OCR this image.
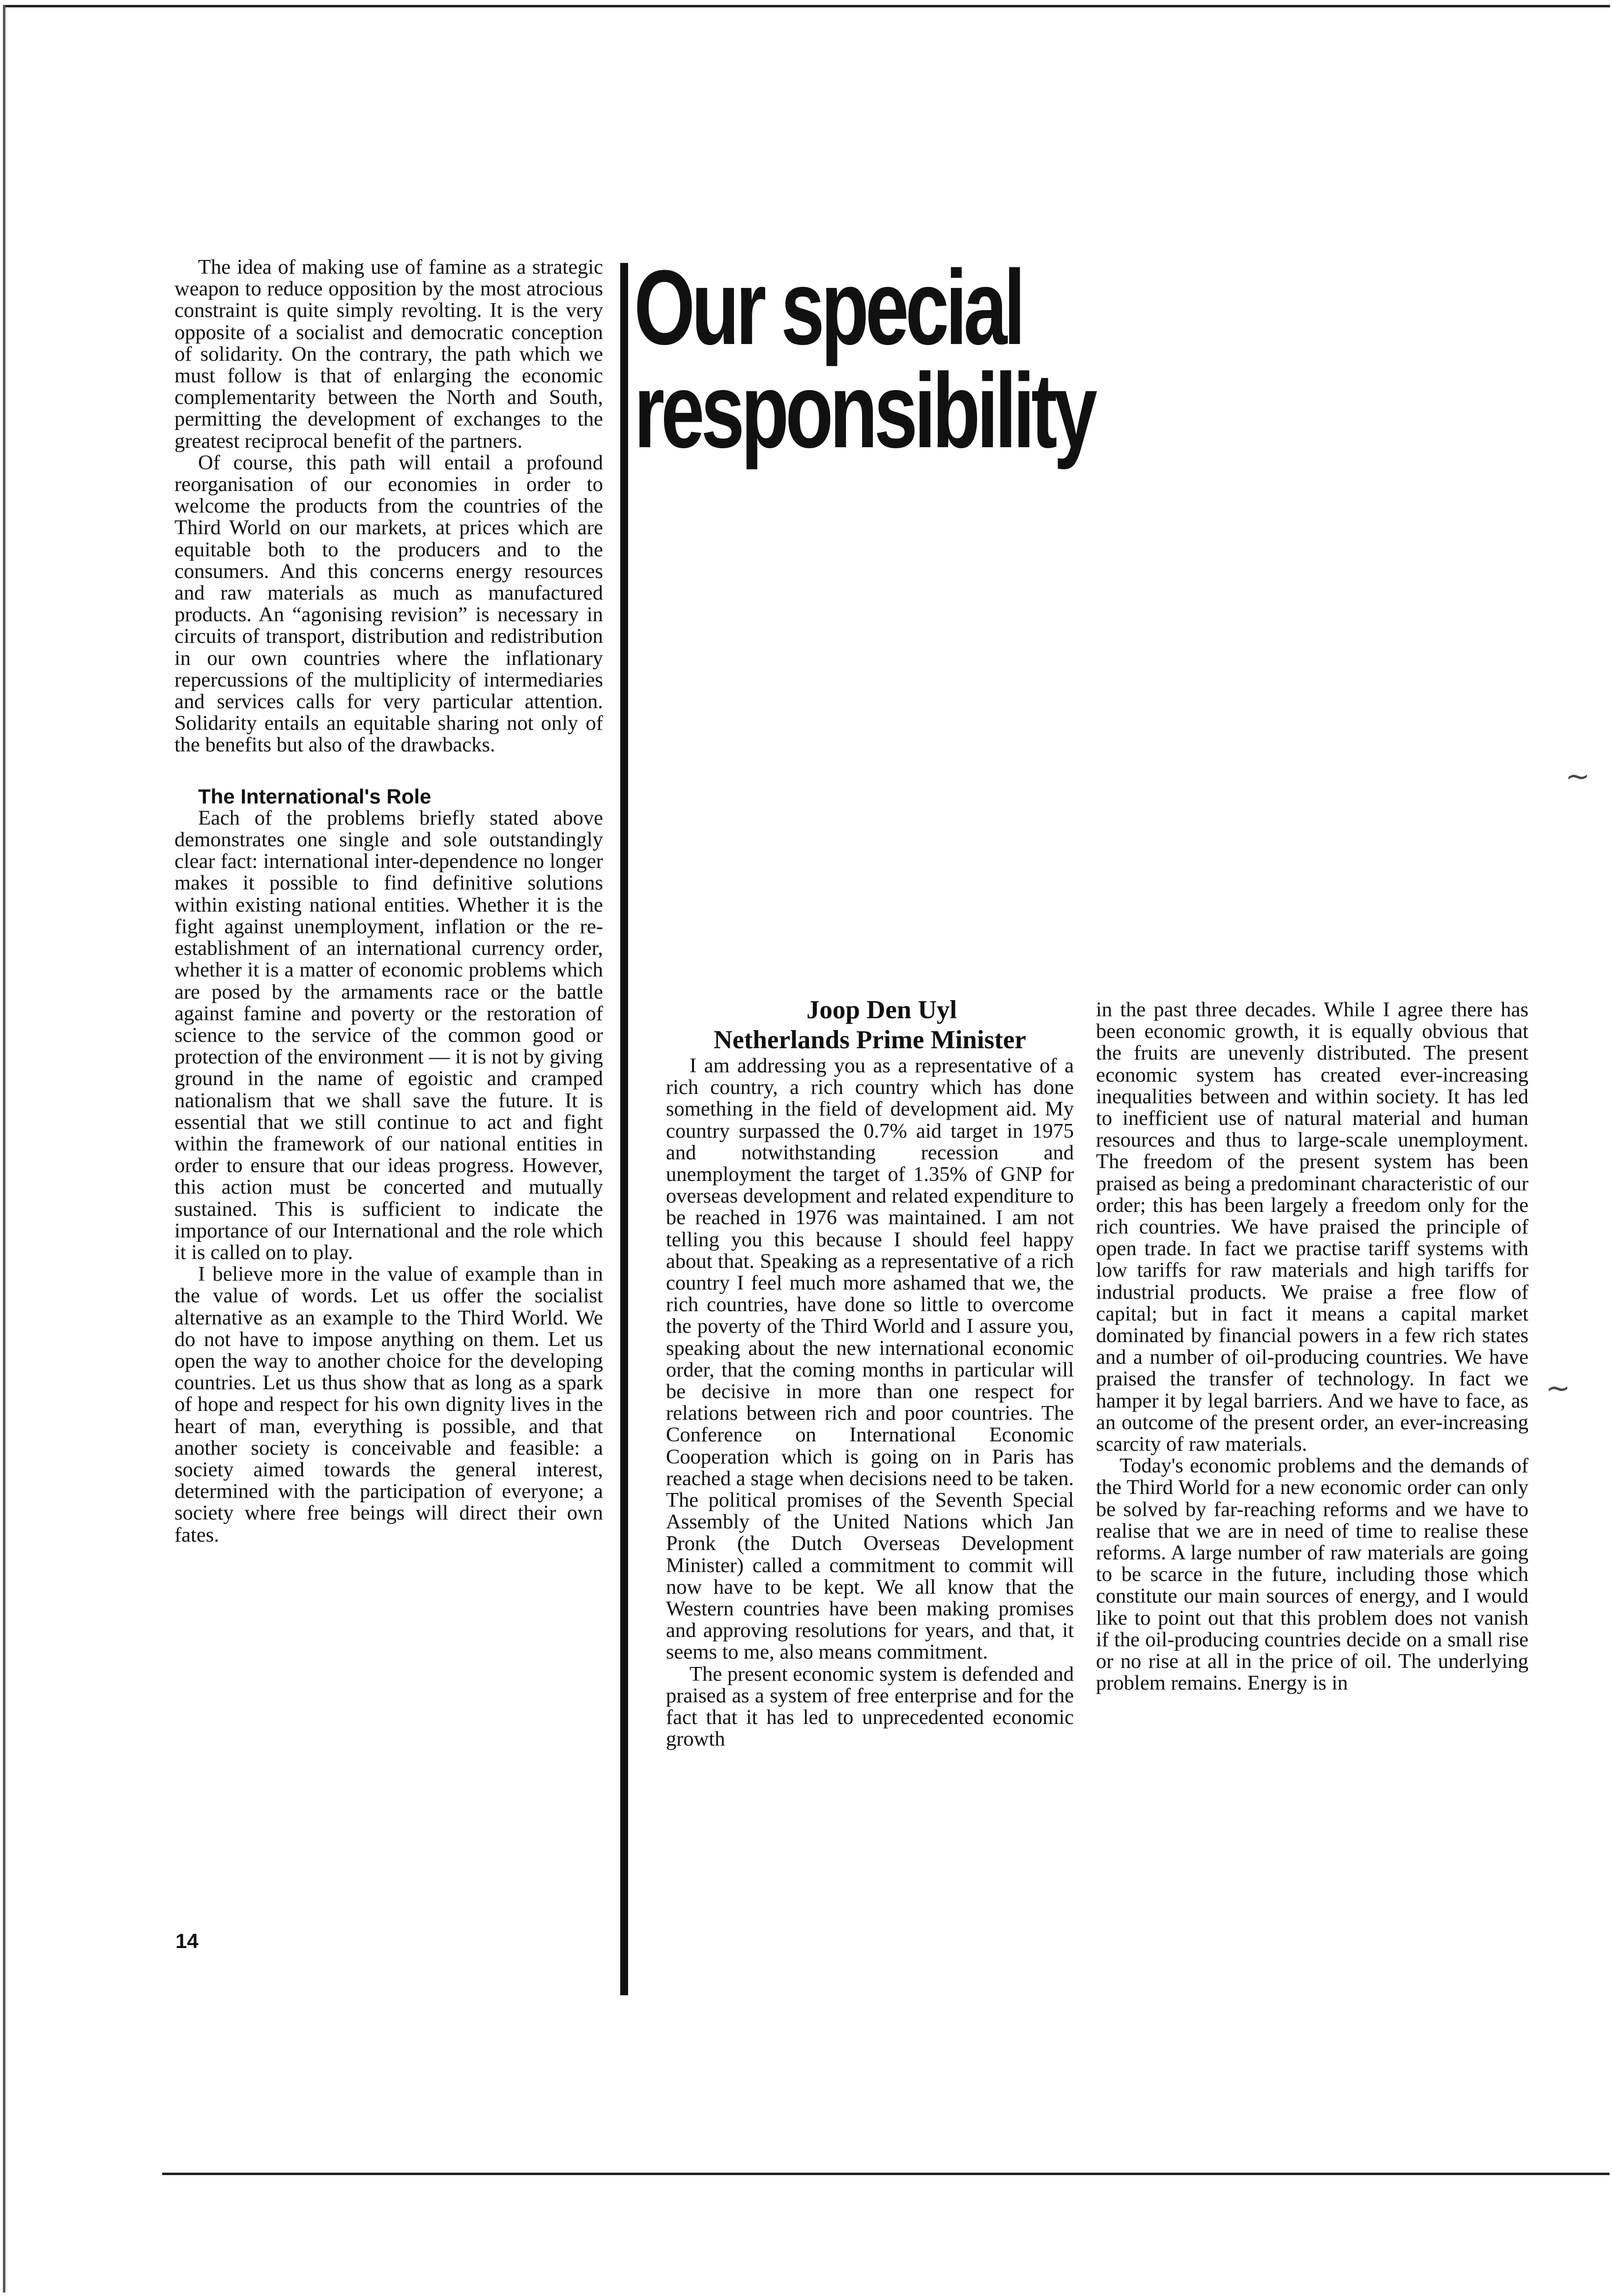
The idea of making use of famine as a strategic weapon to reduce opposition by the most atrocious constraint is quite simply revolting. It is the very opposite of a socialist and democratic conception of solidarity. On the contrary, the path which we must follow is that of enlarging the economic complementarity between the North and South, permitting the development of exchanges to the greatest reciprocal benefit of the partners.

Of course, this path will entail a profound reorganisation of our economies in order to welcome the products from the countries of the Third World on our markets, at prices which are equitable both to the producers and to the consumers. And this concerns energy resources and raw materials as much as manufactured products. An “agonising revision” is necessary in circuits of transport, distribution and redistribution in our own countries where the inflationary repercussions of the multiplicity of intermediaries and services calls for very particular attention. Solidarity entails an equitable sharing not only of the benefits but also of the drawbacks.

The International's Role

Each of the problems briefly stated above demonstrates one single and sole outstandingly clear fact: international inter-dependence no longer makes it possible to find definitive solutions within existing national entities. Whether it is the fight against unemployment, inflation or the re-establishment of an international currency order, whether it is a matter of economic problems which are posed by the armaments race or the battle against famine and poverty or the restoration of science to the service of the common good or protection of the environment — it is not by giving ground in the name of egoistic and cramped nationalism that we shall save the future. It is essential that we still continue to act and fight within the framework of our national entities in order to ensure that our ideas progress. However, this action must be concerted and mutually sustained. This is sufficient to indicate the importance of our International and the role which it is called on to play.

I believe more in the value of example than in the value of words. Let us offer the socialist alternative as an example to the Third World. We do not have to impose anything on them. Let us open the way to another choice for the developing countries. Let us thus show that as long as a spark of hope and respect for his own dignity lives in the heart of man, everything is possible, and that another society is conceivable and feasible: a society aimed towards the general interest, determined with the participation of everyone; a society where free beings will direct their own fates.

Our special
responsibility

Joop Den Uyl
Netherlands Prime Minister

I am addressing you as a representative of a rich country, a rich country which has done something in the field of development aid. My country surpassed the 0.7% aid target in 1975 and notwithstanding recession and unemployment the target of 1.35% of GNP for overseas development and related expenditure to be reached in 1976 was maintained. I am not telling you this because I should feel happy about that. Speaking as a representative of a rich country I feel much more ashamed that we, the rich countries, have done so little to overcome the poverty of the Third World and I assure you, speaking about the new international economic order, that the coming months in particular will be decisive in more than one respect for relations between rich and poor countries. The Conference on International Economic Cooperation which is going on in Paris has reached a stage when decisions need to be taken. The political promises of the Seventh Special Assembly of the United Nations which Jan Pronk (the Dutch Overseas Development Minister) called a commitment to commit will now have to be kept. We all know that the Western countries have been making promises and approving resolutions for years, and that, it seems to me, also means commitment.

The present economic system is defended and praised as a system of free enterprise and for the fact that it has led to unprecedented economic growth

in the past three decades. While I agree there has been economic growth, it is equally obvious that the fruits are unevenly distributed. The present economic system has created ever-increasing inequalities between and within society. It has led to inefficient use of natural material and human resources and thus to large-scale unemployment. The freedom of the present system has been praised as being a predominant characteristic of our order; this has been largely a freedom only for the rich countries. We have praised the principle of open trade. In fact we practise tariff systems with low tariffs for raw materials and high tariffs for industrial products. We praise a free flow of capital; but in fact it means a capital market dominated by financial powers in a few rich states and a number of oil-producing countries. We have praised the transfer of technology. In fact we hamper it by legal barriers. And we have to face, as an outcome of the present order, an ever-increasing scarcity of raw materials.

Today's economic problems and the demands of the Third World for a new economic order can only be solved by far-reaching reforms and we have to realise that we are in need of time to realise these reforms. A large number of raw materials are going to be scarce in the future, including those which constitute our main sources of energy, and I would like to point out that this problem does not vanish if the oil-producing countries decide on a small rise or no rise at all in the price of oil. The underlying problem remains. Energy is in

14
~
~
